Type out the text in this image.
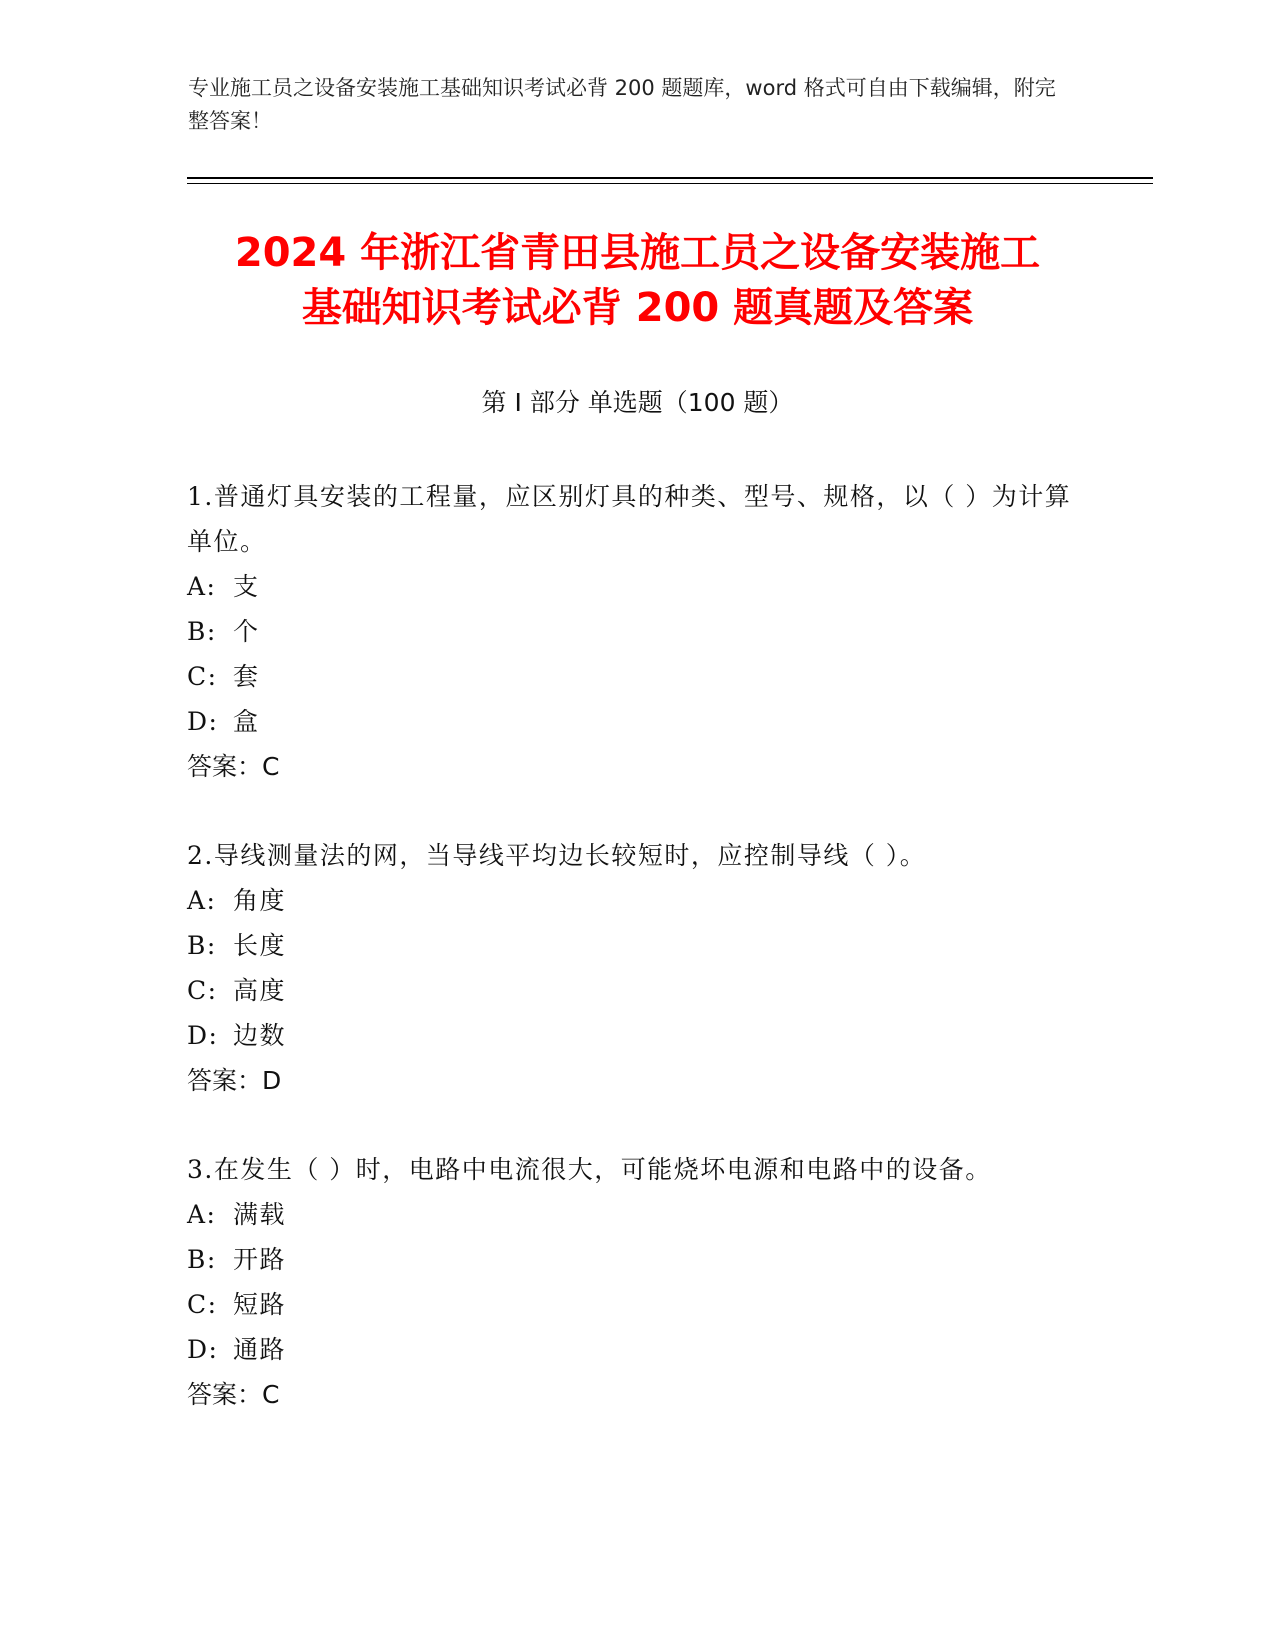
专业施工员之设备安装施工基础知识考试必背 200 题题库，word 格式可自由下载编辑，附完整答案！
2024 年浙江省青田县施工员之设备安装施工
基础知识考试必背 200 题真题及答案
第 I 部分 单选题（100 题）
1.普通灯具安装的工程量，应区别灯具的种类、型号、规格，以（ ）为计算单位。
A: 支
B: 个
C: 套
D: 盒
答案：C
2.导线测量法的网，当导线平均边长较短时，应控制导线（ ）。
A: 角度
B: 长度
C: 高度
D: 边数
答案：D
3.在发生（ ）时，电路中电流很大，可能烧坏电源和电路中的设备。
A: 满载
B: 开路
C: 短路
D: 通路
答案：C
